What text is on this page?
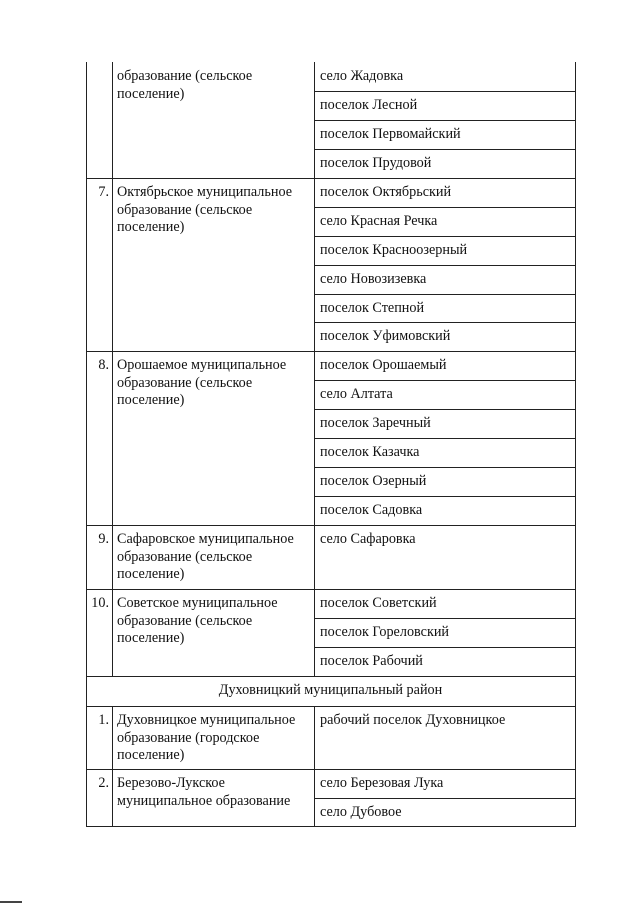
образование (сельское
поселение)
село Жадовка
поселок Лесной
поселок Первомайский
поселок Прудовой
7. Октябрьское муниципальное
образование (сельское
поселение)
поселок Октябрьский
село Красная Речка
поселок Красноозерный
село Новозизевка
поселок Степной
поселок Уфимовский
8. Орошаемое муниципальное
образование (сельское
поселение)
поселок Орошаемый
село Алтата
поселок Заречный
поселок Казачка
поселок Озерный
поселок Садовка
9. Сафаровское муниципальное
образование (сельское
поселение)
село Сафаровка
10. Советское муниципальное
образование (сельское
поселение)
поселок Советский
поселок Гореловский
поселок Рабочий
Духовницкий муниципальный район
1. Духовницкое муниципальное
образование (городское
поселение)
рабочий поселок Духовницкое
2. Березово-Лукское
муниципальное образование
село Березовая Лука
село Дубовое
